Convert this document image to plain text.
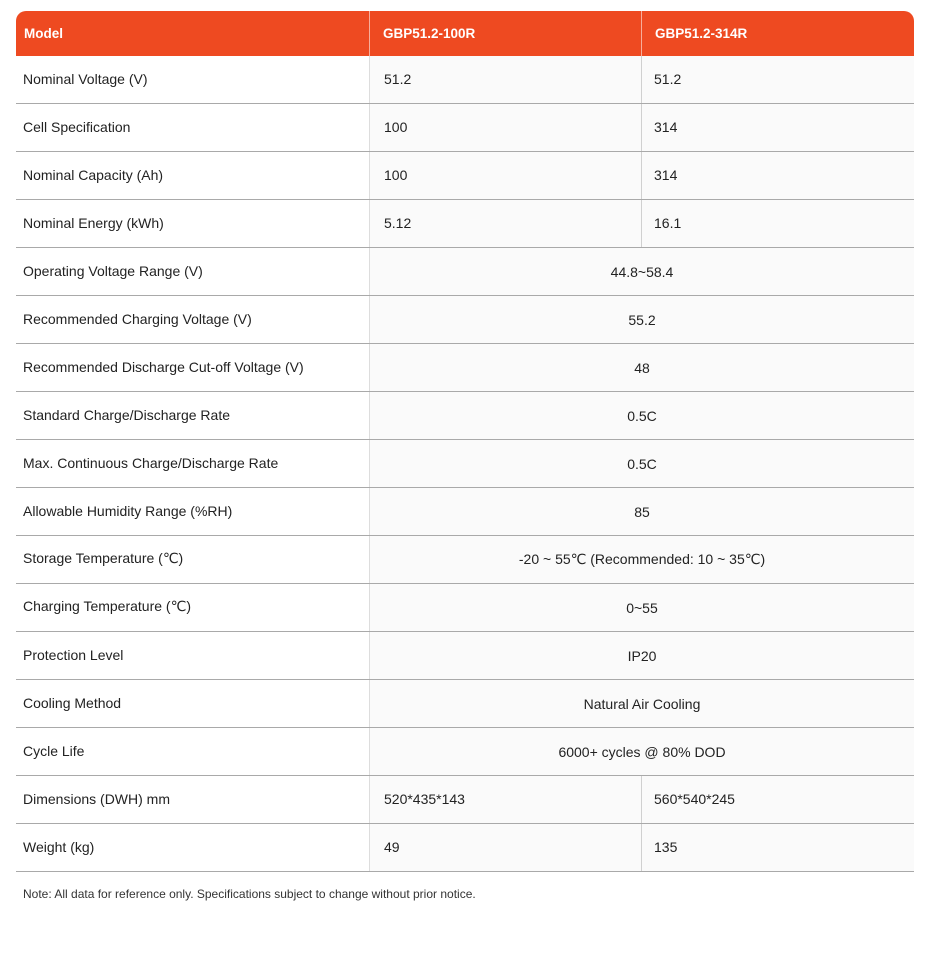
Model	GBP51.2-100R	GBP51.2-314R
Nominal Voltage (V)	51.2	51.2
Cell Specification	100	314
Nominal Capacity (Ah)	100	314
Nominal Energy (kWh)	5.12	16.1
Operating Voltage Range (V)	44.8~58.4
Recommended Charging Voltage (V)	55.2
Recommended Discharge Cut-off Voltage (V)	48
Standard Charge/Discharge Rate	0.5C
Max. Continuous Charge/Discharge Rate	0.5C
Allowable Humidity Range (%RH)	85
Storage Temperature (℃)	-20 ~ 55℃ (Recommended: 10 ~ 35℃)
Charging Temperature (℃)	0~55
Protection Level	IP20
Cooling Method	Natural Air Cooling
Cycle Life	6000+ cycles @ 80% DOD
Dimensions (DWH) mm	520*435*143	560*540*245
Weight (kg)	49	135
Note: All data for reference only. Specifications subject to change without prior notice.
